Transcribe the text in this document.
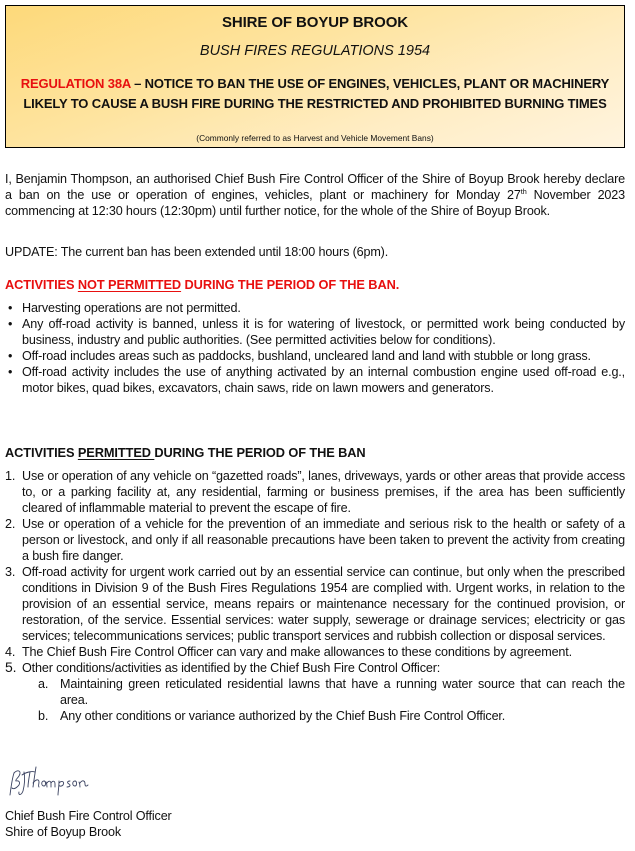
SHIRE OF BOYUP BROOK
BUSH FIRES REGULATIONS 1954
REGULATION 38A – NOTICE TO BAN THE USE OF ENGINES, VEHICLES, PLANT OR MACHINERY LIKELY TO CAUSE A BUSH FIRE DURING THE RESTRICTED AND PROHIBITED BURNING TIMES
(Commonly referred to as Harvest and Vehicle Movement Bans)

I, Benjamin Thompson, an authorised Chief Bush Fire Control Officer of the Shire of Boyup Brook hereby declare a ban on the use or operation of engines, vehicles, plant or machinery for Monday 27th November 2023 commencing at 12:30 hours (12:30pm) until further notice, for the whole of the Shire of Boyup Brook.

UPDATE: The current ban has been extended until 18:00 hours (6pm).

ACTIVITIES NOT PERMITTED DURING THE PERIOD OF THE BAN.
• Harvesting operations are not permitted.
• Any off-road activity is banned, unless it is for watering of livestock, or permitted work being conducted by business, industry and public authorities. (See permitted activities below for conditions).
• Off-road includes areas such as paddocks, bushland, uncleared land and land with stubble or long grass.
• Off-road activity includes the use of anything activated by an internal combustion engine used off-road e.g., motor bikes, quad bikes, excavators, chain saws, ride on lawn mowers and generators.
ACTIVITIES PERMITTED DURING THE PERIOD OF THE BAN
1. Use or operation of any vehicle on “gazetted roads”, lanes, driveways, yards or other areas that provide access to, or a parking facility at, any residential, farming or business premises, if the area has been sufficiently cleared of inflammable material to prevent the escape of fire.
2. Use or operation of a vehicle for the prevention of an immediate and serious risk to the health or safety of a person or livestock, and only if all reasonable precautions have been taken to prevent the activity from creating a bush fire danger.
3. Off-road activity for urgent work carried out by an essential service can continue, but only when the prescribed conditions in Division 9 of the Bush Fires Regulations 1954 are complied with. Urgent works, in relation to the provision of an essential service, means repairs or maintenance necessary for the continued provision, or restoration, of the service. Essential services: water supply, sewerage or drainage services; electricity or gas services; telecommunications services; public transport services and rubbish collection or disposal services.
4. The Chief Bush Fire Control Officer can vary and make allowances to these conditions by agreement.
5. Other conditions/activities as identified by the Chief Bush Fire Control Officer:
a. Maintaining green reticulated residential lawns that have a running water source that can reach the area.
b. Any other conditions or variance authorized by the Chief Bush Fire Control Officer.
Chief Bush Fire Control Officer
Shire of Boyup Brook
